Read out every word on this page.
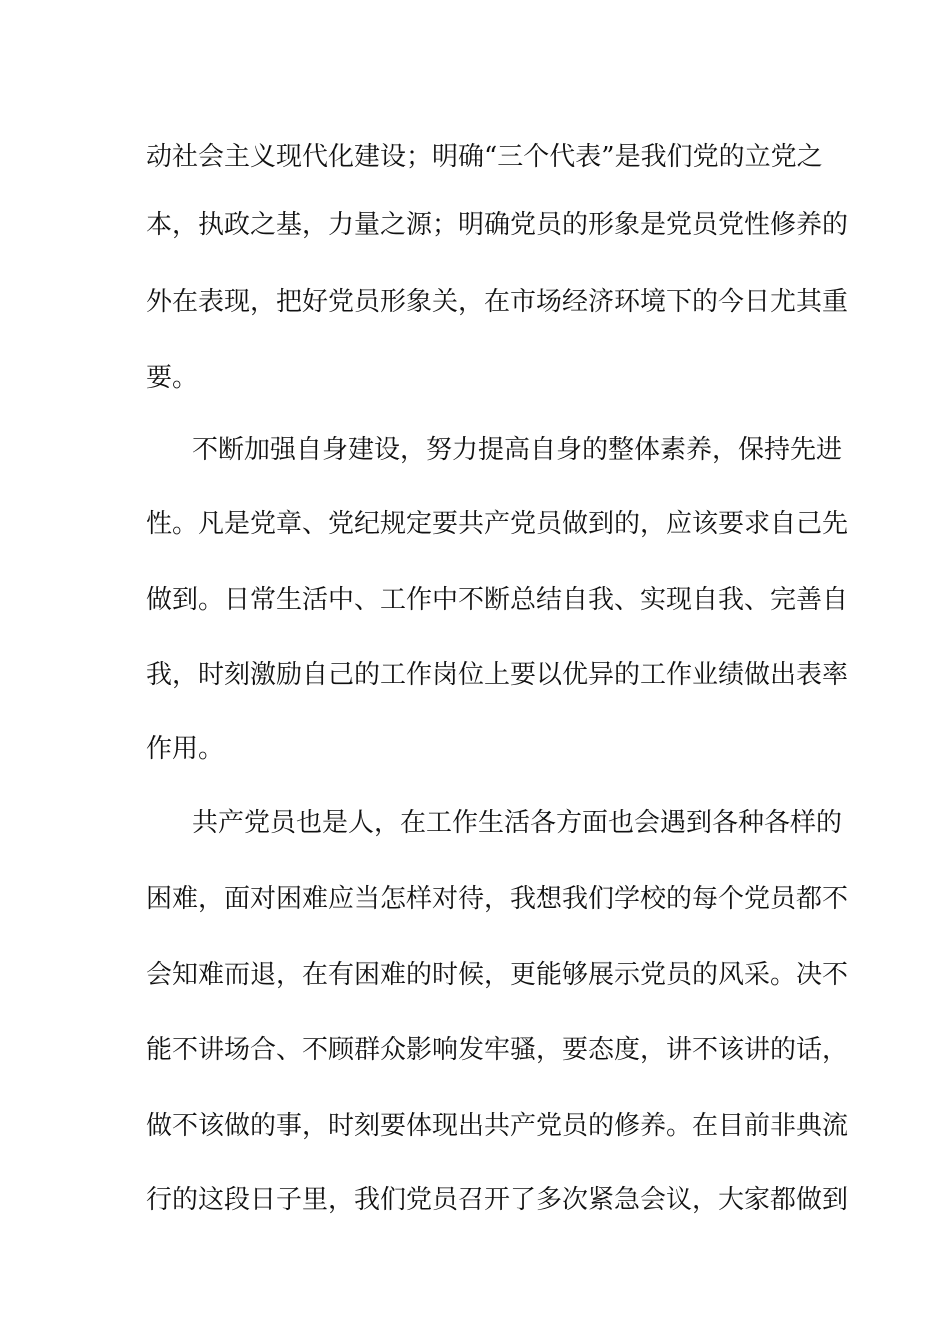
动社会主义现代化建设；明确“三个代表”是我们党的立党之
本，执政之基，力量之源；明确党员的形象是党员党性修养的
外在表现，把好党员形象关，在市场经济环境下的今日尤其重
要。
不断加强自身建设，努力提高自身的整体素养，保持先进
性。凡是党章、党纪规定要共产党员做到的，应该要求自己先
做到。日常生活中、工作中不断总结自我、实现自我、完善自
我，时刻激励自己的工作岗位上要以优异的工作业绩做出表率
作用。
共产党员也是人，在工作生活各方面也会遇到各种各样的
困难，面对困难应当怎样对待，我想我们学校的每个党员都不
会知难而退，在有困难的时候，更能够展示党员的风采。决不
能不讲场合、不顾群众影响发牢骚，要态度，讲不该讲的话，
做不该做的事，时刻要体现出共产党员的修养。在目前非典流
行的这段日子里，我们党员召开了多次紧急会议，大家都做到
